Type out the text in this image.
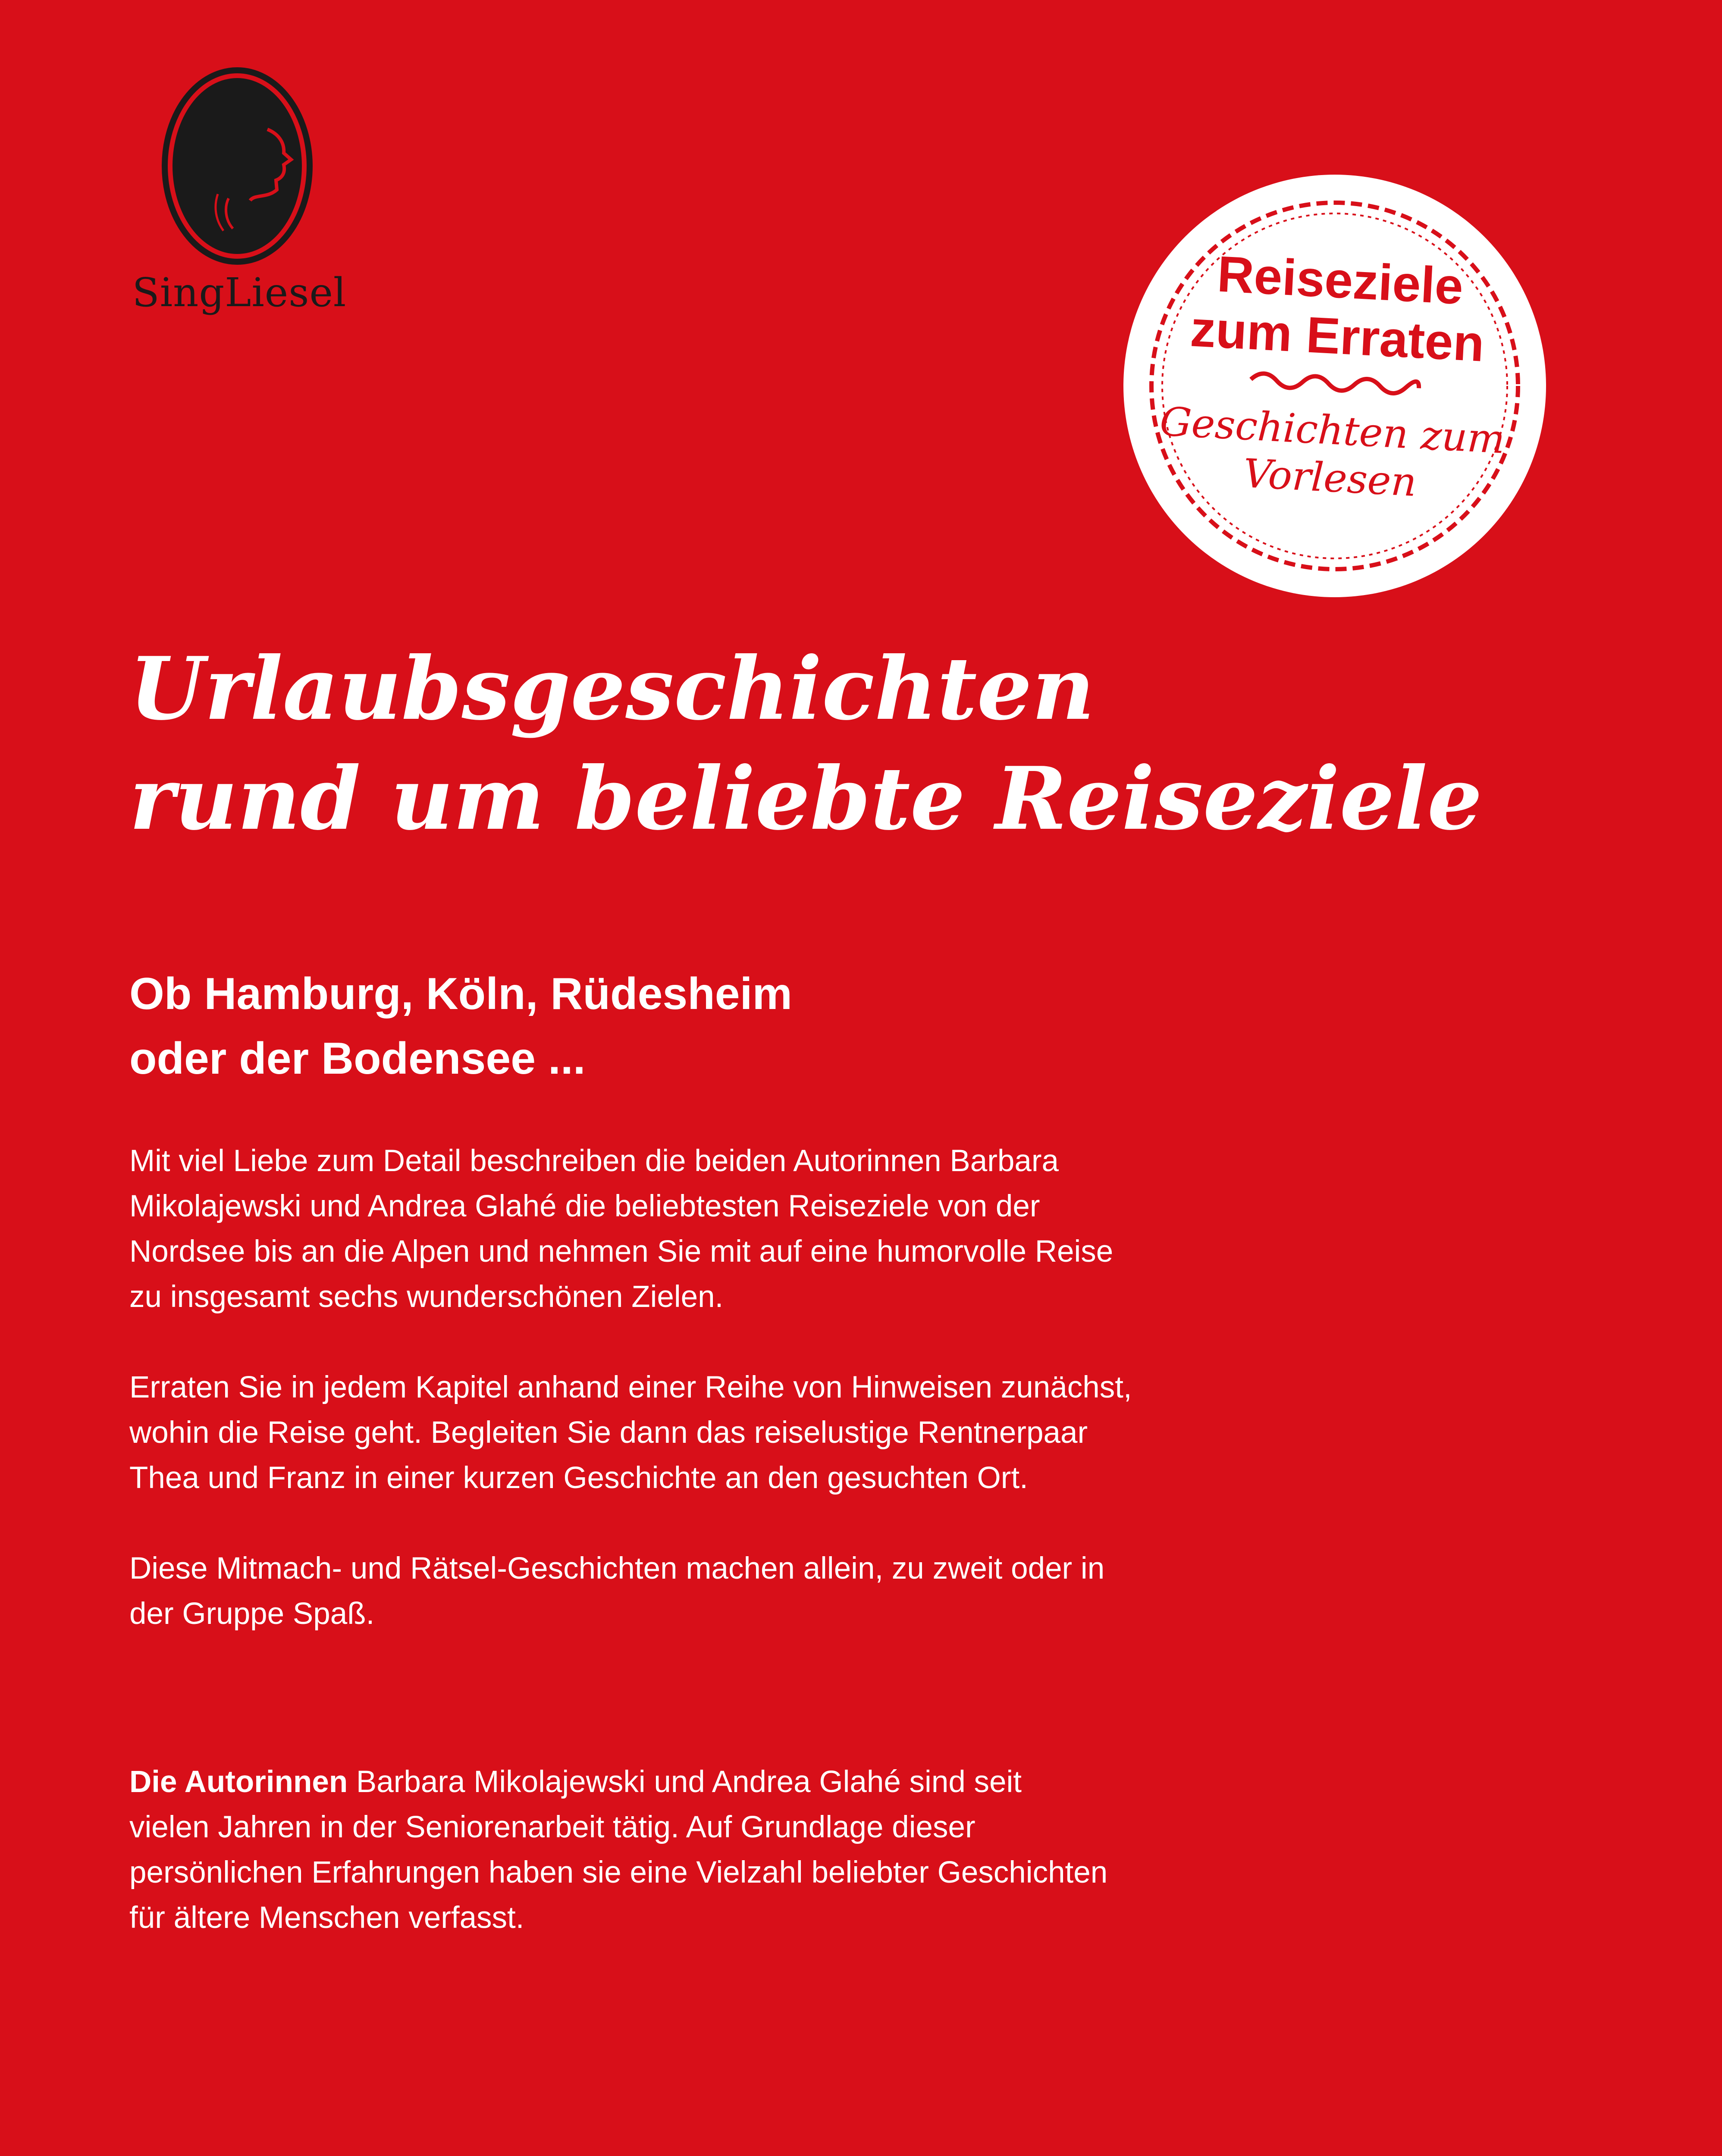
SingLiesel	Reiseziele
zum Erraten
Geschichten zum
Vorlesen
Urlaubsgeschichten
rund um beliebte Reiseziele
Ob Hamburg, Köln, Rüdesheim
oder der Bodensee ...

Mit viel Liebe zum Detail beschreiben die beiden Autorinnen Barbara
Mikolajewski und Andrea Glahé die beliebtesten Reiseziele von der
Nordsee bis an die Alpen und nehmen Sie mit auf eine humorvolle Reise
zu insgesamt sechs wunderschönen Zielen.

Erraten Sie in jedem Kapitel anhand einer Reihe von Hinweisen zunächst,
wohin die Reise geht. Begleiten Sie dann das reiselustige Rentnerpaar
Thea und Franz in einer kurzen Geschichte an den gesuchten Ort.

Diese Mitmach- und Rätsel-Geschichten machen allein, zu zweit oder in
der Gruppe Spaß.

Die Autorinnen Barbara Mikolajewski und Andrea Glahé sind seit
vielen Jahren in der Seniorenarbeit tätig. Auf Grundlage dieser
persönlichen Erfahrungen haben sie eine Vielzahl beliebter Geschichten
für ältere Menschen verfasst.
